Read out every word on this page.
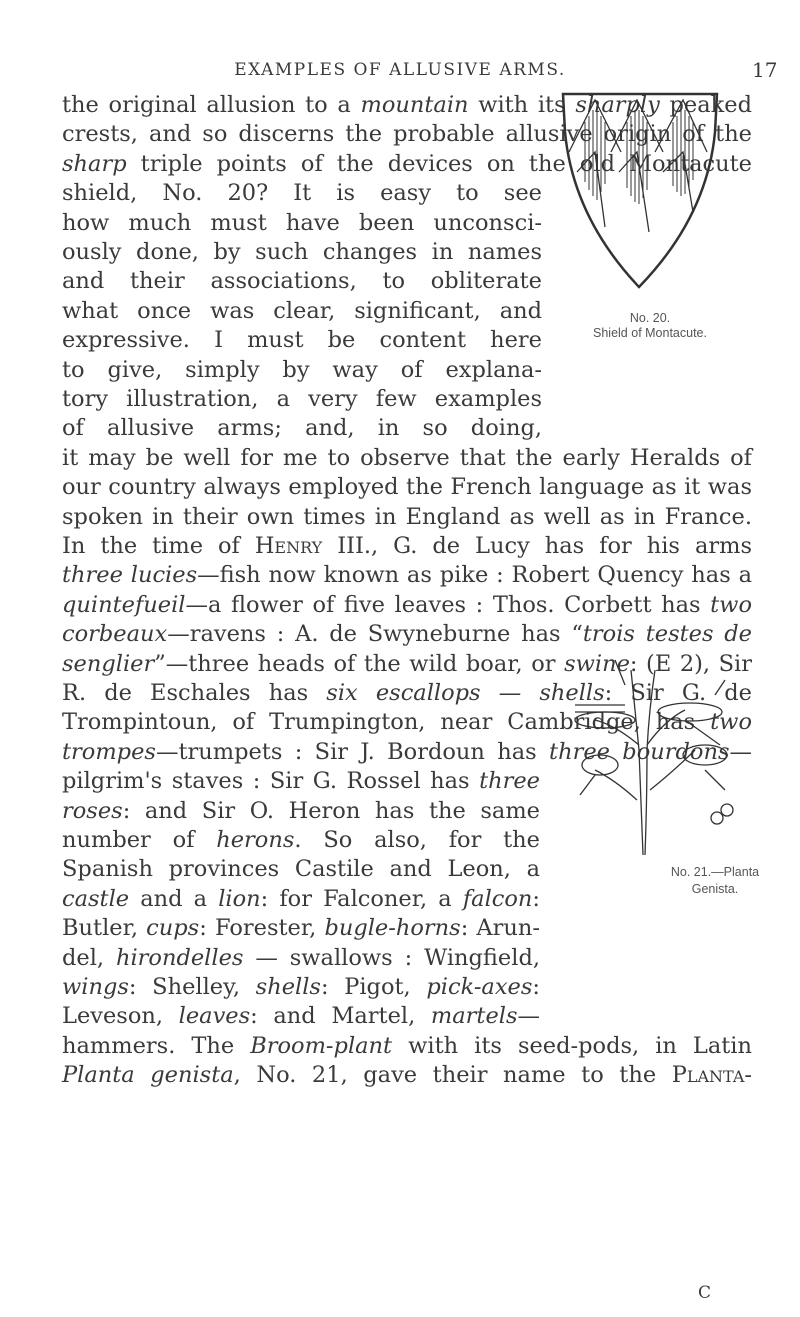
EXAMPLES OF ALLUSIVE ARMS.	17
the original allusion to a mountain with its sharply peaked
crests, and so discerns the probable allusive origin of the
sharp triple points of the devices on the old Montacute
shield, No. 20? It is easy to see
how much must have been unconsci-
ously done, by such changes in names
and their associations, to obliterate
what once was clear, significant, and
expressive. I must be content here
to give, simply by way of explana-
tory illustration, a very few examples
of allusive arms; and, in so doing,
it may be well for me to observe that the early Heralds of
our country always employed the French language as it was
spoken in their own times in England as well as in France.
In the time of Henry III., G. de Lucy has for his arms
three lucies—fish now known as pike : Robert Quency has a
quintefueil—a flower of five leaves : Thos. Corbett has two
corbeaux—ravens : A. de Swyneburne has “trois testes de
senglier”—three heads of the wild boar, or swine: (E 2), Sir
R. de Eschales has six escallops — shells: Sir G. de
Trompintoun, of Trumpington, near Cambridge, has two
trompes—trumpets : Sir J. Bordoun has three bourdons—
pilgrim's staves : Sir G. Rossel has three
roses: and Sir O. Heron has the same
number of herons. So also, for the
Spanish provinces Castile and Leon, a
castle and a lion: for Falconer, a falcon:
Butler, cups: Forester, bugle-horns: Arun-
del, hirondelles — swallows : Wingfield,
wings: Shelley, shells: Pigot, pick-axes:
Leveson, leaves: and Martel, martels—
hammers. The Broom-plant with its seed-pods, in Latin
Planta genista, No. 21, gave their name to the Planta-
No. 20.
Shield of Montacute.
No. 21.—Planta
Genista.
C
